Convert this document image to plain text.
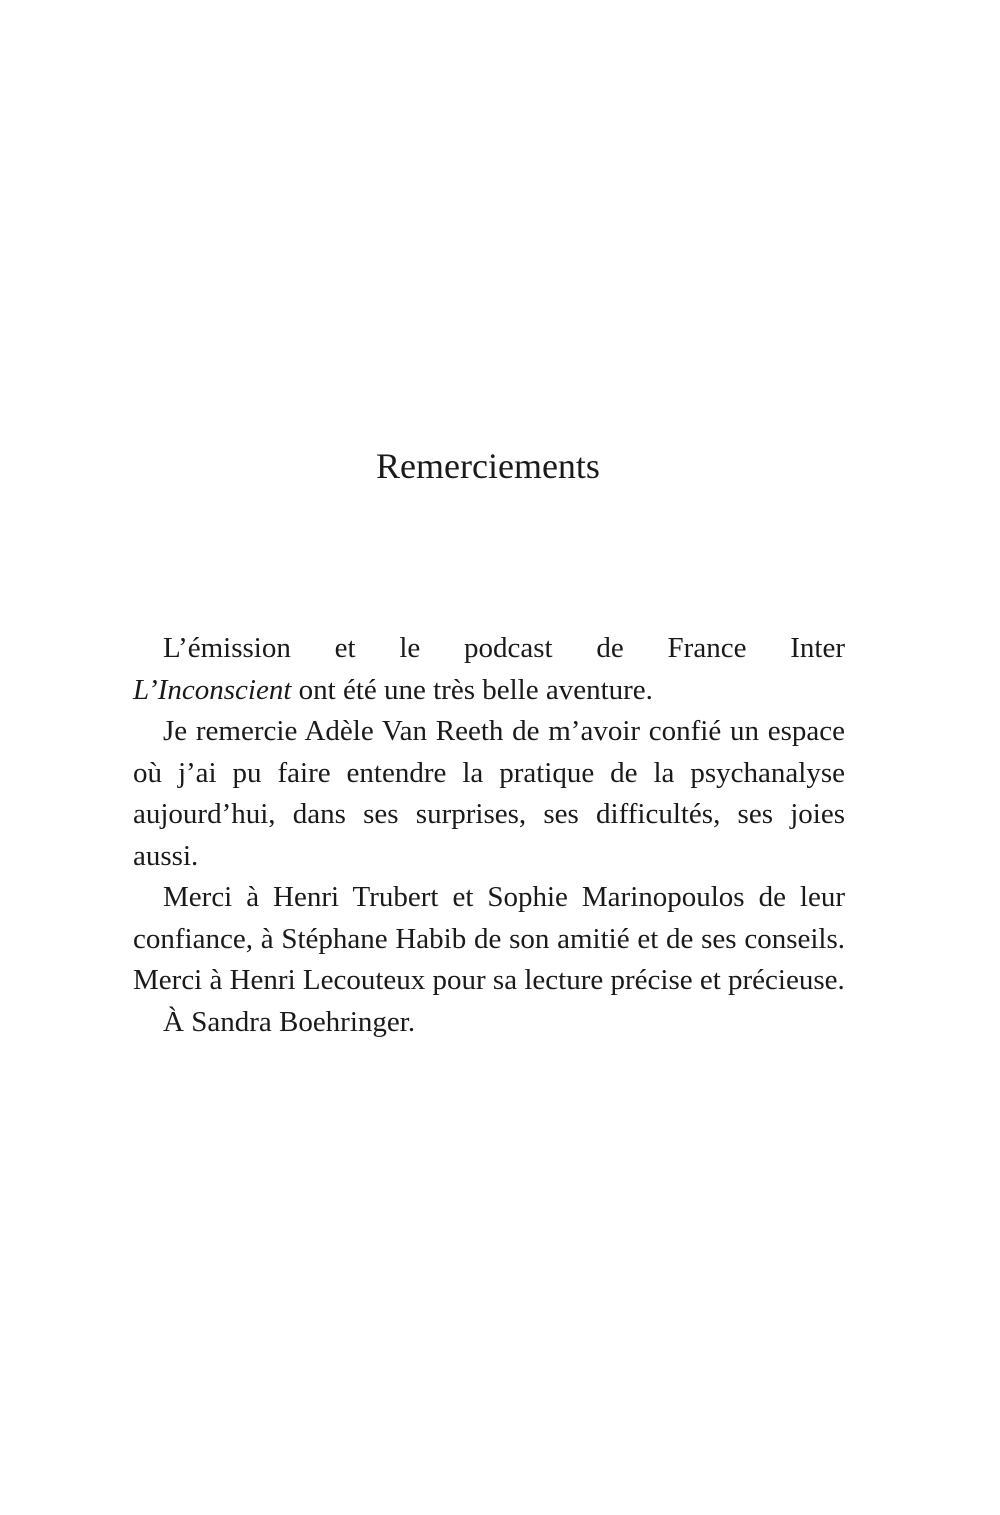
Remerciements

L’émission et le podcast de France Inter
L’Inconscient ont été une très belle aventure.

Je remercie Adèle Van Reeth de m’avoir confié un espace où j’ai pu faire entendre la pratique de la psychanalyse aujourd’hui, dans ses surprises, ses difficultés, ses joies aussi.

Merci à Henri Trubert et Sophie Marinopoulos de leur confiance, à Stéphane Habib de son amitié et de ses conseils. Merci à Henri Lecouteux pour sa lecture précise et précieuse.

À Sandra Boehringer.
